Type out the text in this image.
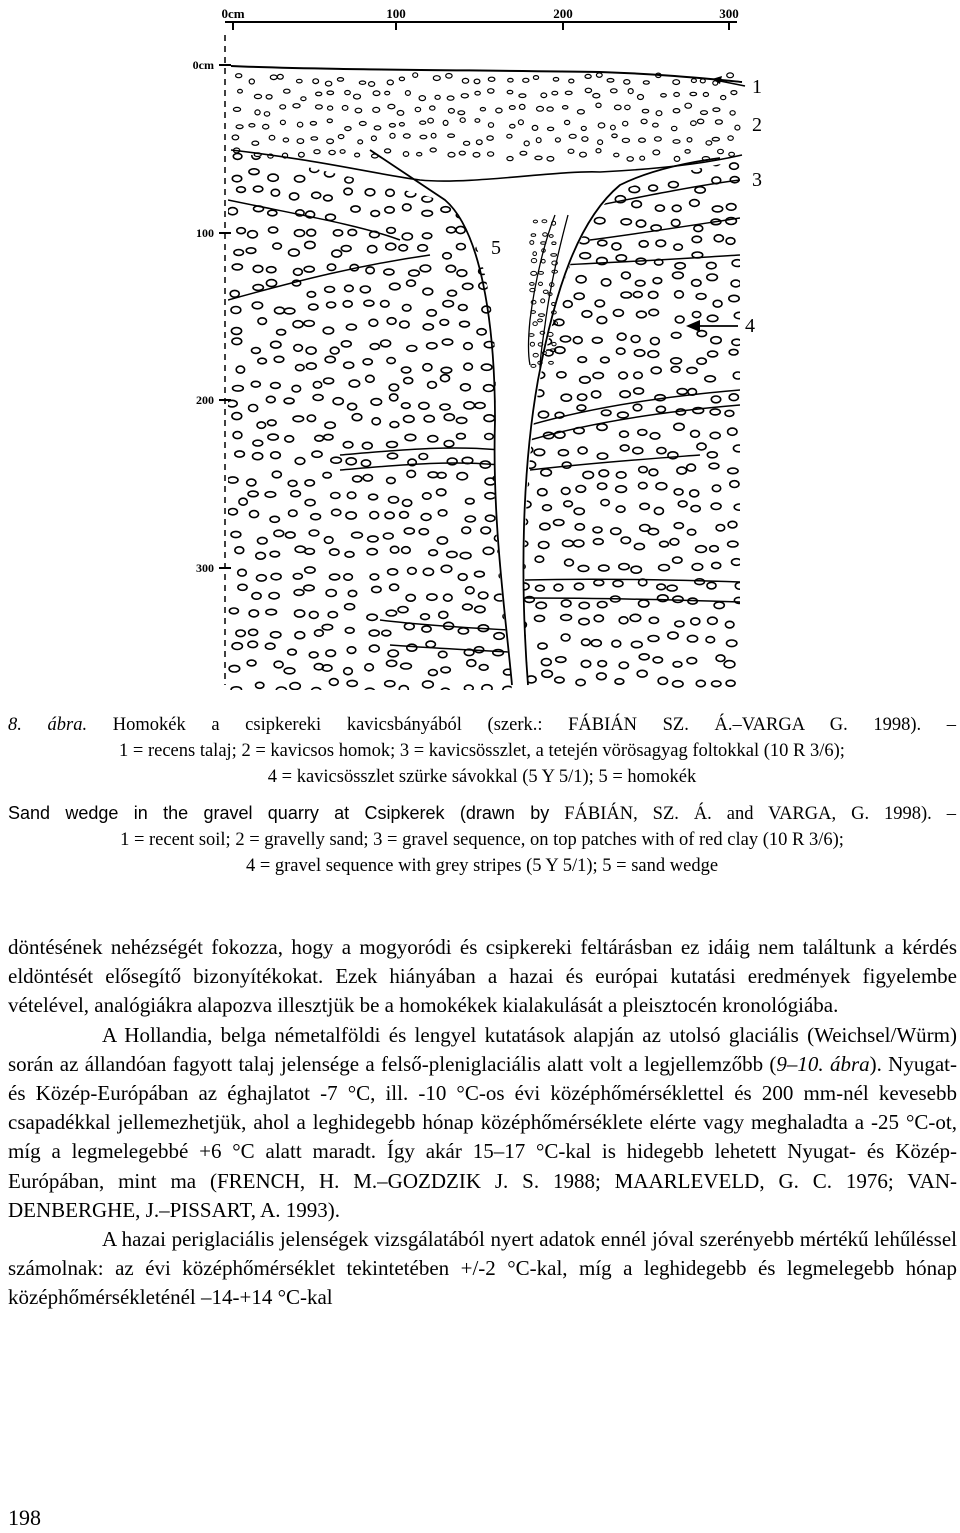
0cm	100	200	300
0cm
100
200
300
1
2
3
4
5
8. ábra. Homokék a csipkereki kavicsbányából (szerk.: FÁBIÁN SZ. Á.–VARGA G. 1998). –
1 = recens talaj; 2 = kavicsos homok; 3 = kavicsösszlet, a tetején vörösagyag foltokkal (10 R 3/6);
4 = kavicsösszlet szürke sávokkal (5 Y 5/1); 5 = homokék
Sand wedge in the gravel quarry at Csipkerek (drawn by FÁBIÁN, SZ. Á. and VARGA, G. 1998). –
1 = recent soil; 2 = gravelly sand; 3 = gravel sequence, on top patches with of red clay (10 R 3/6);
4 = gravel sequence with grey stripes (5 Y 5/1); 5 = sand wedge

döntésének nehézségét fokozza, hogy a mogyoródi és csipkereki feltárásban ez idáig nem találtunk a kérdés eldöntését elősegítő bizonyítékokat. Ezek hiányában a hazai és európai kutatási eredmények figyelembe vételével, analógiákra alapozva illesztjük be a homokékek kialakulását a pleisztocén kronológiába.

A Hollandia, belga németalföldi és lengyel kutatások alapján az utolsó glaciális (Weichsel/Würm) során az állandóan fagyott talaj jelensége a felső-pleniglaciális alatt volt a legjellemzőbb (9–10. ábra). Nyugat- és Közép-Európában az éghajlatot -7 °C, ill. -10 °C-os évi középhőmérséklettel és 200 mm-nél kevesebb csapadékkal jellemezhetjük, ahol a leghidegebb hónap középhőmérséklete elérte vagy meghaladta a -25 °C-ot, míg a legmelegebbé +6 °C alatt maradt. Így akár 15–17 °C-kal is hidegebb lehetett Nyugat- és Közép-Európában, mint ma (FRENCH, H. M.–GOZDZIK J. S. 1988; MAARLEVELD, G. C. 1976; VAN-DENBERGHE, J.–PISSART, A. 1993).

A hazai periglaciális jelenségek vizsgálatából nyert adatok ennél jóval szerényebb mértékű lehűléssel számolnak: az évi középhőmérséklet tekintetében +/-2 °C-kal, míg a leghidegebb és legmelegebb hónap középhőmérsékleténél –14-+14 °C-kal

198
